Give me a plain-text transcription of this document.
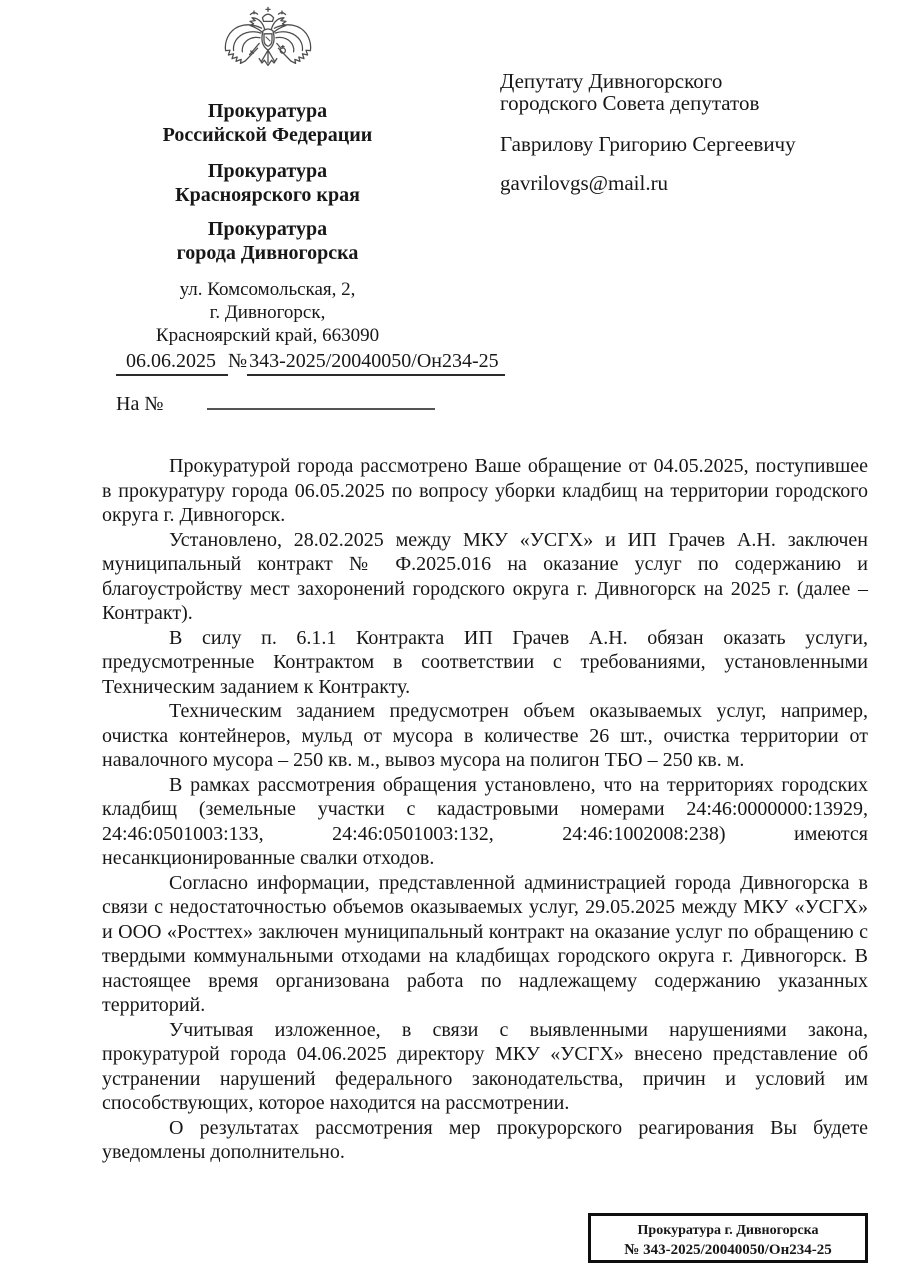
Прокуратура
Российской Федерации
Прокуратура
Красноярского края
Прокуратура
города Дивногорска
ул. Комсомольская, 2,
г. Дивногорск,
Красноярский край, 663090
Депутату Дивногорского
городского Совета депутатов
Гаврилову Григорию Сергеевичу
gavrilovgs@mail.ru
06.06.2025 № 343-2025/20040050/Он234-25
На №

Прокуратурой города рассмотрено Ваше обращение от 04.05.2025, поступившее в прокуратуру города 06.05.2025 по вопросу уборки кладбищ на территории городского округа г. Дивногорск.

Установлено, 28.02.2025 между МКУ «УСГХ» и ИП Грачев А.Н. заключен муниципальный контракт № Ф.2025.016 на оказание услуг по содержанию и благоустройству мест захоронений городского округа г. Дивногорск на 2025 г. (далее – Контракт).

В силу п. 6.1.1 Контракта ИП Грачев А.Н. обязан оказать услуги, предусмотренные Контрактом в соответствии с требованиями, установленными Техническим заданием к Контракту.

Техническим заданием предусмотрен объем оказываемых услуг, например, очистка контейнеров, мульд от мусора в количестве 26 шт., очистка территории от навалочного мусора – 250 кв. м., вывоз мусора на полигон ТБО – 250 кв. м.

В рамках рассмотрения обращения установлено, что на территориях городских кладбищ (земельные участки с кадастровыми номерами 24:46:0000000:13929, 24:46:0501003:133, 24:46:0501003:132, 24:46:1002008:238) имеются несанкционированные свалки отходов.

Согласно информации, представленной администрацией города Дивногорска в связи с недостаточностью объемов оказываемых услуг, 29.05.2025 между МКУ «УСГХ» и ООО «Росттех» заключен муниципальный контракт на оказание услуг по обращению с твердыми коммунальными отходами на кладбищах городского округа г. Дивногорск. В настоящее время организована работа по надлежащему содержанию указанных территорий.

Учитывая изложенное, в связи с выявленными нарушениями закона, прокуратурой города 04.06.2025 директору МКУ «УСГХ» внесено представление об устранении нарушений федерального законодательства, причин и условий им способствующих, которое находится на рассмотрении.

О результатах рассмотрения мер прокурорского реагирования Вы будете уведомлены дополнительно.

Прокуратура г. Дивногорска
№ 343-2025/20040050/Он234-25
